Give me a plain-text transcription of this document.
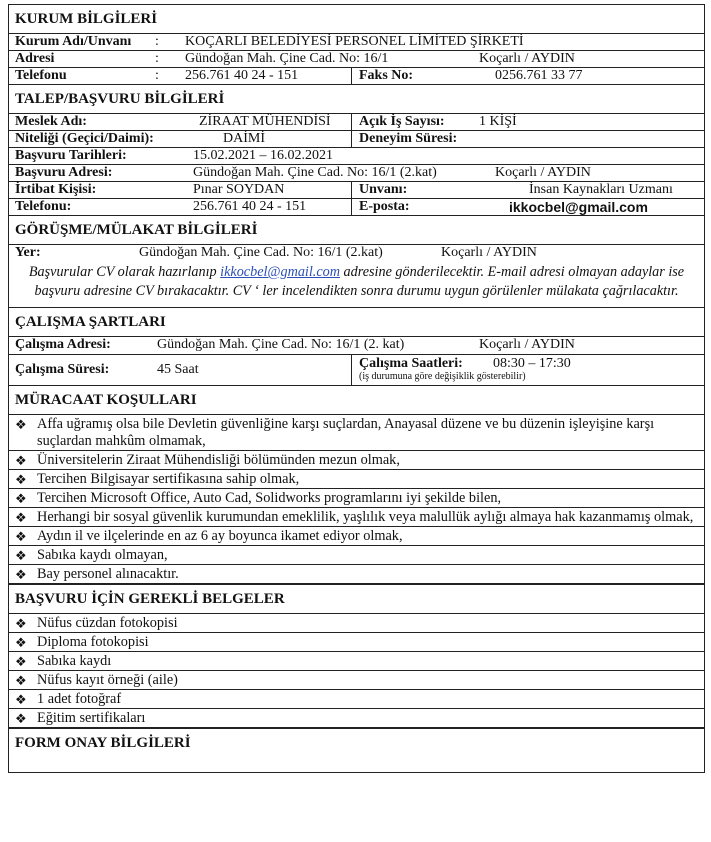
KURUM BİLGİLERİ
Kurum Adı/Unvanı : KOÇARLI BELEDİYESİ PERSONEL LİMİTED ŞİRKETİ
Adresi	: Gündoğan Mah. Çine Cad. No: 16/1	Koçarlı / AYDIN
Telefonu	: 256.761 40 24 - 151	Faks No:	0256.761 33 77
TALEP/BAŞVURU BİLGİLERİ
Meslek Adı:	ZİRAAT MÜHENDİSİ Açık İş Sayısı: 1 KİŞİ
Niteliği (Geçici/Daimi):	DAİMİ	Deneyim Süresi:
Başvuru Tarihleri:	15.02.2021 – 16.02.2021
Başvuru Adresi:	Gündoğan Mah. Çine Cad. No: 16/1 (2.kat)	Koçarlı / AYDIN
İrtibat Kişisi:	Pınar SOYDAN	Unvanı:	İnsan Kaynakları Uzmanı
Telefonu:	256.761 40 24 - 151	E-posta:	ikkocbel@gmail.com
GÖRÜŞME/MÜLAKAT BİLGİLERİ
Yer:	Gündoğan Mah. Çine Cad. No: 16/1 (2.kat)	Koçarlı / AYDIN
Başvurular CV olarak hazırlanıp ikkocbel@gmail.com adresine gönderilecektir. E-mail adresi olmayan adaylar ise başvuru adresine CV bırakacaktır. CV ‘ ler incelendikten sonra durumu uygun görülenler mülakata çağrılacaktır.
ÇALIŞMA ŞARTLARI
Çalışma Adresi:	Gündoğan Mah. Çine Cad. No: 16/1 (2. kat)	Koçarlı / AYDIN
Çalışma Süresi:	45 Saat	Çalışma Saatleri: 08:30 – 17:30
(iş durumuna göre değişiklik gösterebilir)
MÜRACAAT KOŞULLARI
❖ Affa uğramış olsa bile Devletin güvenliğine karşı suçlardan, Anayasal düzene ve bu düzenin işleyişine karşı suçlardan mahkûm olmamak,
❖ Üniversitelerin Ziraat Mühendisliği bölümünden mezun olmak,
❖ Tercihen Bilgisayar sertifikasına sahip olmak,
❖ Tercihen Microsoft Office, Auto Cad, Solidworks programlarını iyi şekilde bilen,
❖ Herhangi bir sosyal güvenlik kurumundan emeklilik, yaşlılık veya malullük aylığı almaya hak kazanmamış olmak,
❖ Aydın il ve ilçelerinde en az 6 ay boyunca ikamet ediyor olmak,
❖ Sabıka kaydı olmayan,
❖ Bay personel alınacaktır.
BAŞVURU İÇİN GEREKLİ BELGELER
❖ Nüfus cüzdan fotokopisi
❖ Diploma fotokopisi
❖ Sabıka kaydı
❖ Nüfus kayıt örneği (aile)
❖ 1 adet fotoğraf
❖ Eğitim sertifikaları
FORM ONAY BİLGİLERİ
